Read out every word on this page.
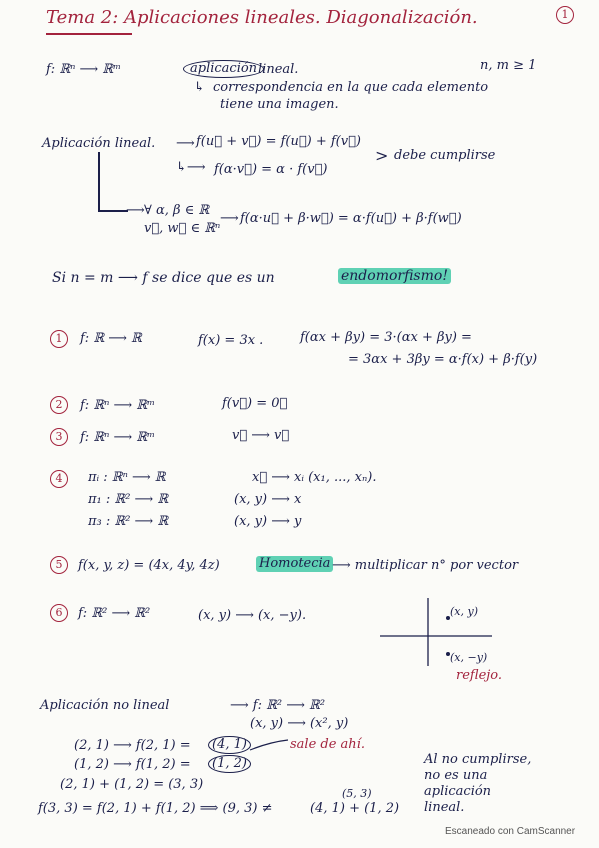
Tema 2: Aplicaciones lineales. Diagonalización.	1
f: ℝⁿ ⟶ ℝᵐ	aplicación lineal.	n, m ≥ 1
↳ correspondencia en la que cada elemento
tiene una imagen.
Aplicación lineal. ⟶ f(u⃗ + v⃗) = f(u⃗) + f(v⃗)
↳⟶ f(α·v⃗) = α · f(v⃗)
> debe cumplirse
⟶ ∀ α, β ∈ ℝ
v⃗, w⃗ ∈ ℝⁿ
⟶ f(α·u⃗ + β·w⃗) = α·f(u⃗) + β·f(w⃗)
Si n = m ⟶ f se dice que es un	endomorfismo!
1	f: ℝ ⟶ ℝ	f(x) = 3x .	f(αx + βy) = 3·(αx + βy) =
= 3αx + 3βy = α·f(x) + β·f(y)
2	f: ℝⁿ ⟶ ℝᵐ	f(v⃗) = 0⃗
3	f: ℝⁿ ⟶ ℝᵐ	v⃗ ⟶ v⃗
4	πᵢ : ℝⁿ ⟶ ℝ	x⃗ ⟶ xᵢ (x₁, ..., xₙ).
π₁ : ℝ² ⟶ ℝ	(x, y) ⟶ x
π₃ : ℝ² ⟶ ℝ	(x, y) ⟶ y
5	f(x, y, z) = (4x, 4y, 4z)	Homotecia ⟶ multiplicar n° por vector
6	f: ℝ² ⟶ ℝ²	(x, y) ⟶ (x, −y).	(x, y)
(x, −y)
reflejo.
Aplicación no lineal	⟶ f: ℝ² ⟶ ℝ²
(x, y) ⟶ (x², y)
(2, 1) ⟶ f(2, 1) =	(4, 1)
(1, 2) ⟶ f(1, 2) =	(1, 2)
sale de ahí.
(2, 1) + (1, 2) = (3, 3)
f(3, 3) = f(2, 1) + f(1, 2) ⟹ (9, 3) ≠
(5, 3)
(4, 1) + (1, 2)
Al no cumplirse,
no es una
aplicación
lineal.
Escaneado con CamScanner
